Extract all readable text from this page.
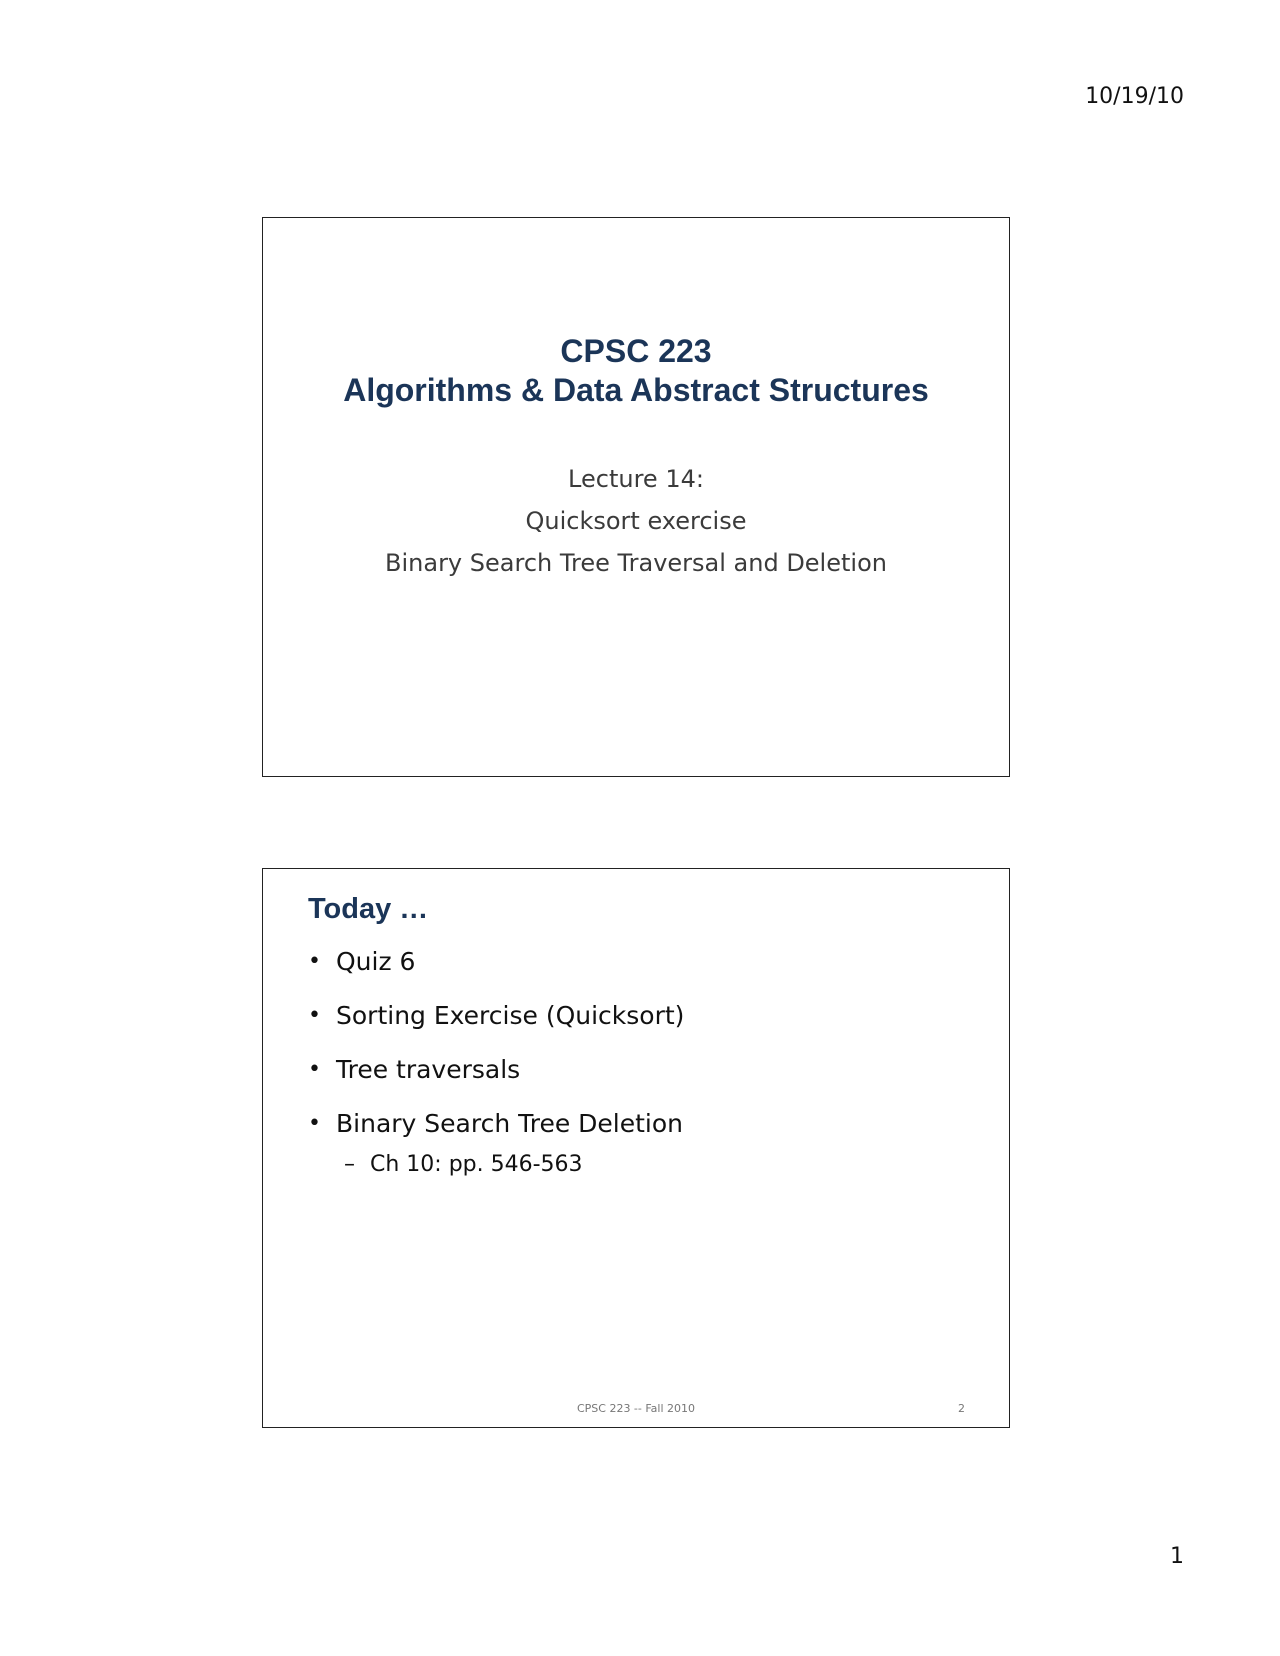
10/19/10
CPSC 223
Algorithms & Data Abstract Structures
Lecture 14:
Quicksort exercise
Binary Search Tree Traversal and Deletion
Today …
• Quiz 6
• Sorting Exercise (Quicksort)
• Tree traversals
• Binary Search Tree Deletion
– Ch 10: pp. 546-563
CPSC 223 -- Fall 2010	2
1
